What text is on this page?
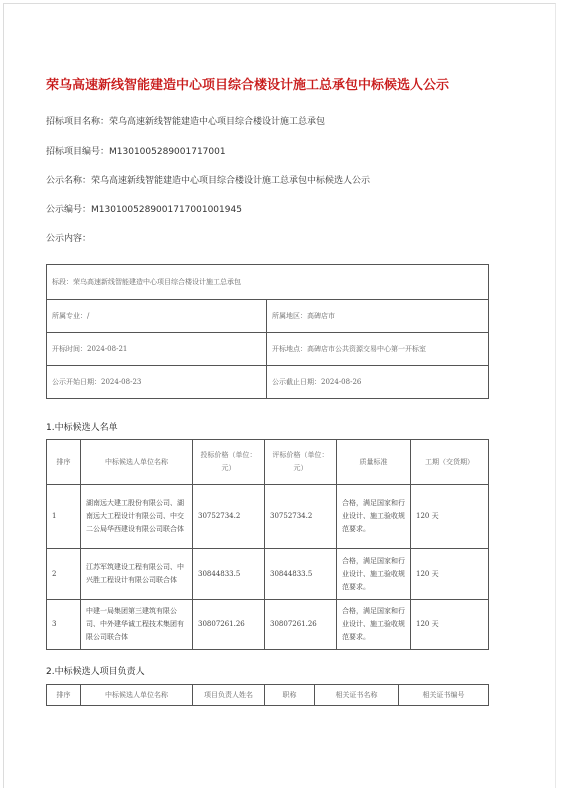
荣乌高速新线智能建造中心项目综合楼设计施工总承包中标候选人公示
招标项目名称：荣乌高速新线智能建造中心项目综合楼设计施工总承包
招标项目编号：M1301005289001717001
公示名称：荣乌高速新线智能建造中心项目综合楼设计施工总承包中标候选人公示
公示编号：M1301005289001717001001945
公示内容：
标段：荣乌高速新线智能建造中心项目综合楼设计施工总承包	
所属专业：/	所属地区：高碑店市
开标时间：2024-08-21	开标地点：高碑店市公共资源交易中心第一开标室
公示开始日期：2024-08-23	公示截止日期：2024-08-26
1.中标候选人名单
排序	中标候选人单位名称	投标价格（单位：元）	评标价格（单位：元）	质量标准	工期（交货期）
1	湖南远大建工股份有限公司、湖南远大工程设计有限公司、中交二公局华西建设有限公司联合体	30752734.2	30752734.2	合格，满足国家和行业设计、施工验收规范要求。	120 天
2	江苏军筑建设工程有限公司、中兴胜工程设计有限公司联合体	30844833.5	30844833.5	合格，满足国家和行业设计、施工验收规范要求。	120 天
3	中建一局集团第三建筑有限公司、中外建华诚工程技术集团有限公司联合体	30807261.26	30807261.26	合格，满足国家和行业设计、施工验收规范要求。	120 天
2.中标候选人项目负责人
排序	中标候选人单位名称	项目负责人姓名	职称	相关证书名称	相关证书编号
